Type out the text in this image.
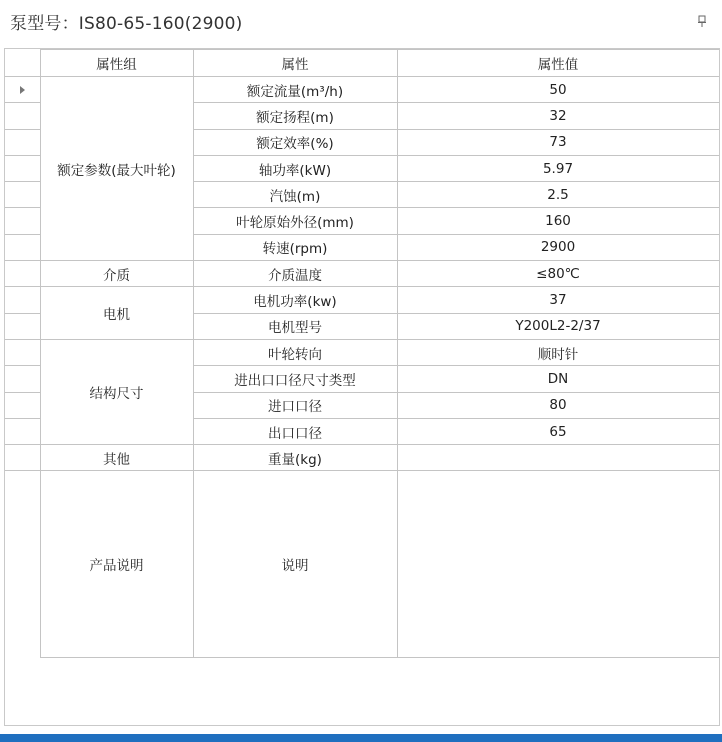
泵型号：IS80-65-160(2900)
	属性组	属性	属性值
	额定参数(最大叶轮)	额定流量(m³/h)	50
		额定扬程(m)	32
		额定效率(%)	73
		轴功率(kW)	5.97
		汽蚀(m)	2.5
		叶轮原始外径(mm)	160
		转速(rpm)	2900
	介质	介质温度	≤80℃
	电机	电机功率(kw)	37
		电机型号	Y200L2-2/37
	结构尺寸	叶轮转向	顺时针
		进出口口径尺寸类型	DN
		进口口径	80
		出口口径	65
	其他	重量(kg)	
	产品说明	说明	
